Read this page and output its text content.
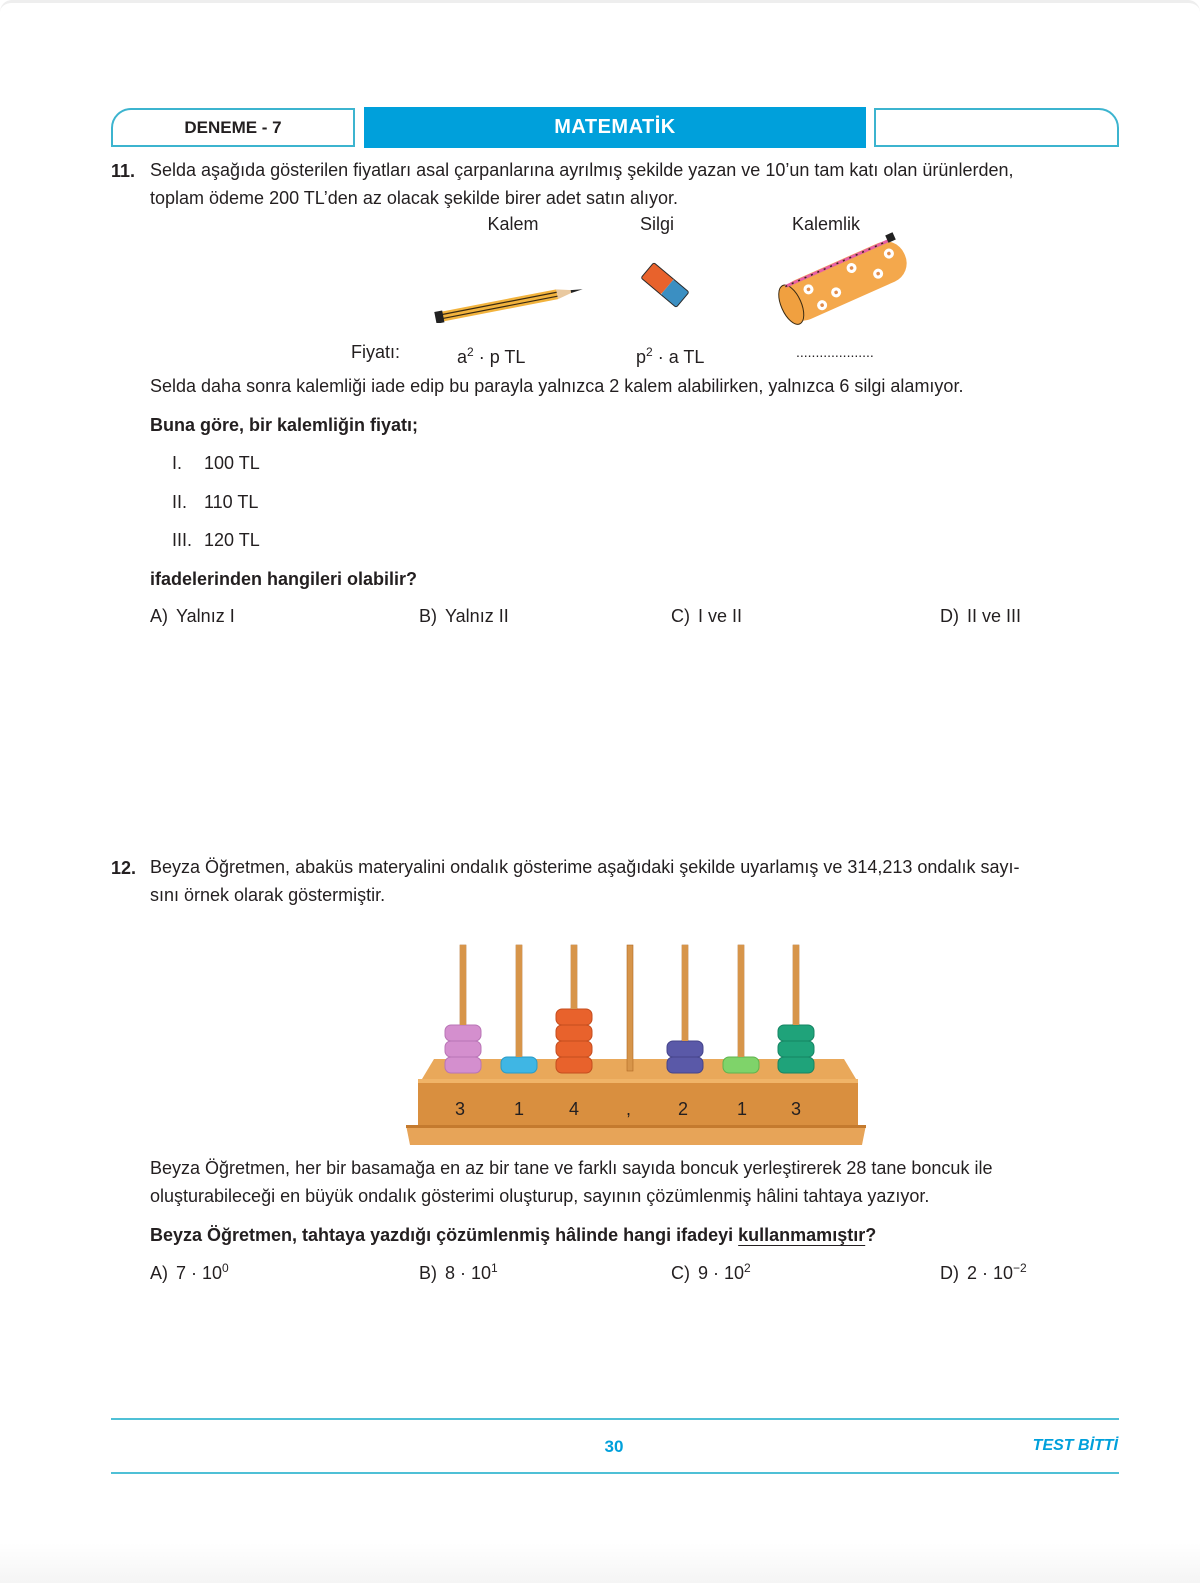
DENEME - 7	MATEMATİK
11. Selda aşağıda gösterilen fiyatları asal çarpanlarına ayrılmış şekilde yazan ve 10’un tam katı olan ürünlerden,
toplam ödeme 200 TL’den az olacak şekilde birer adet satın alıyor.
Kalem	Silgi	Kalemlik
Fiyatı:	$a^2 \cdot p$ TL	$p^2 \cdot a$ TL	....................
Selda daha sonra kalemliği iade edip bu parayla yalnızca 2 kalem alabilirken, yalnızca 6 silgi alamıyor.
Buna göre, bir kalemliğin fiyatı;
I. 100 TL
II. 110 TL
III. 120 TL
ifadelerinden hangileri olabilir?
A) Yalnız I	B) Yalnız II	C) I ve II	D) II ve III
12. Beyza Öğretmen, abaküs materyalini ondalık gösterime aşağıdaki şekilde uyarlamış ve 314,213 ondalık sayı-
sını örnek olarak göstermiştir.
3	1 4	,	2	1 3
Beyza Öğretmen, her bir basamağa en az bir tane ve farklı sayıda boncuk yerleştirerek 28 tane boncuk ile
oluşturabileceği en büyük ondalık gösterimi oluşturup, sayının çözümlenmiş hâlini tahtaya yazıyor.
Beyza Öğretmen, tahtaya yazdığı çözümlenmiş hâlinde hangi ifadeyi kullanmamıştır?
A) $7 \cdot 10^0$	B) $8 \cdot 10^1$	C) $9 \cdot 10^2$	D) $2 \cdot 10^{-2}$
30	TEST BİTTİ
